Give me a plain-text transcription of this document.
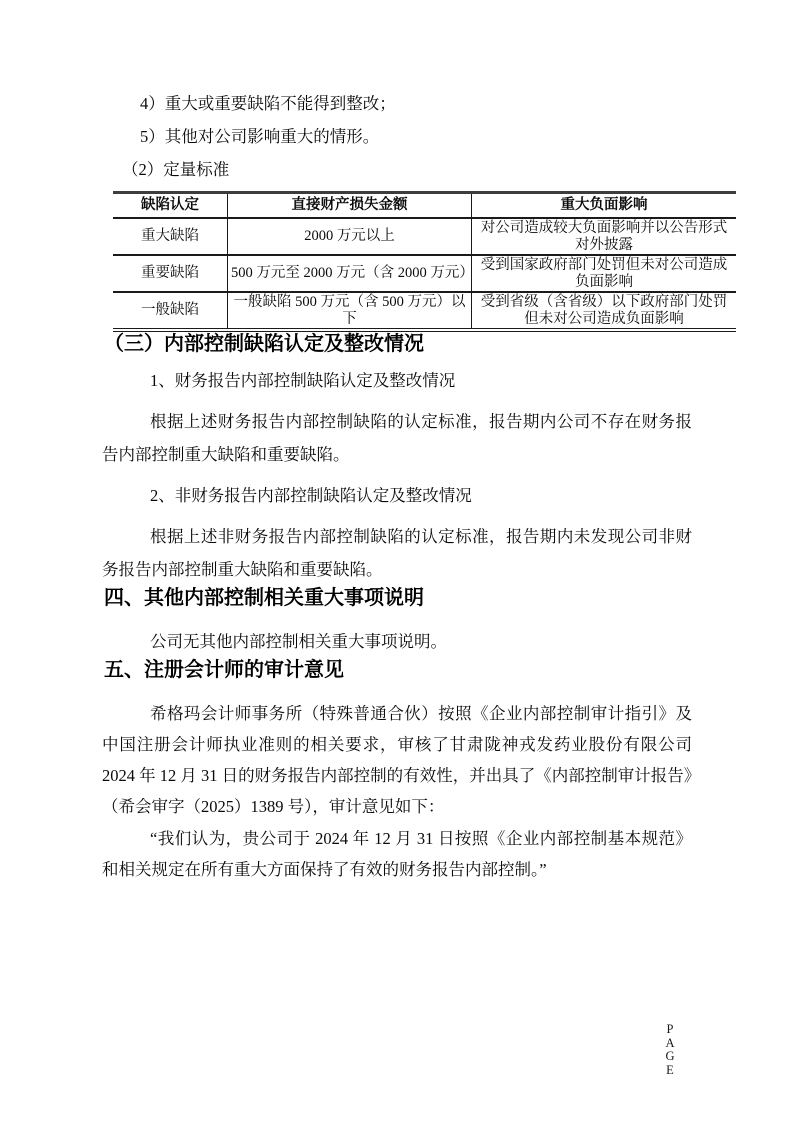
4）重大或重要缺陷不能得到整改；

5）其他对公司影响重大的情形。

（2）定量标准

缺陷认定	直接财产损失金额	重大负面影响
重大缺陷	2000 万元以上	对公司造成较大负面影响并以公告形式对外披露
重要缺陷	500 万元至 2000 万元（含 2000 万元）	受到国家政府部门处罚但未对公司造成负面影响
一般缺陷	一般缺陷 500 万元（含 500 万元）以下	受到省级（含省级）以下政府部门处罚但未对公司造成负面影响
（三）内部控制缺陷认定及整改情况

1、财务报告内部控制缺陷认定及整改情况

根据上述财务报告内部控制缺陷的认定标准，报告期内公司不存在财务报告内部控制重大缺陷和重要缺陷。

2、非财务报告内部控制缺陷认定及整改情况

根据上述非财务报告内部控制缺陷的认定标准，报告期内未发现公司非财务报告内部控制重大缺陷和重要缺陷。

四、其他内部控制相关重大事项说明

公司无其他内部控制相关重大事项说明。

五、注册会计师的审计意见

希格玛会计师事务所（特殊普通合伙）按照《企业内部控制审计指引》及中国注册会计师执业准则的相关要求，审核了甘肃陇神戎发药业股份有限公司 2024 年 12 月 31 日的财务报告内部控制的有效性，并出具了《内部控制审计报告》（希会审字（2025）1389 号），审计意见如下：

“我们认为，贵公司于 2024 年 12 月 31 日按照《企业内部控制基本规范》和相关规定在所有重大方面保持了有效的财务报告内部控制。”

PAGE
